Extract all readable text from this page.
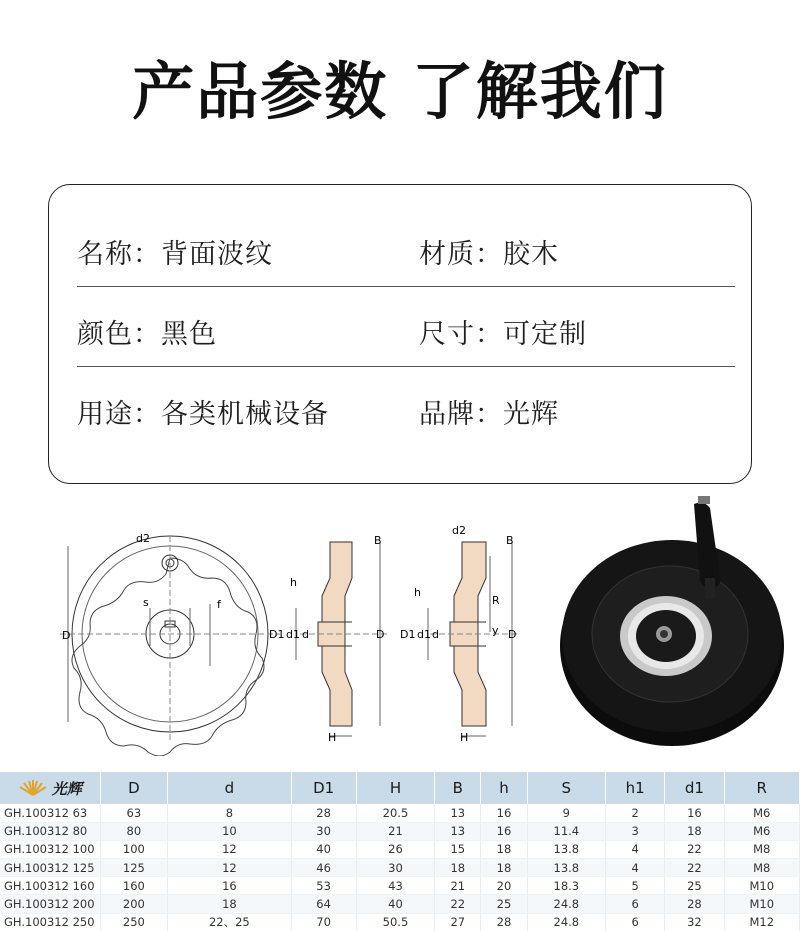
产品参数 了解我们
名称：背面波纹	材质：胶木
颜色：黑色	尺寸：可定制
用途：各类机械设备	品牌：光辉
d2
s	f
D
B
h
D1 d1 d	D
H
d2
B
h
R
y
D1 d1 d	D
H
光辉	D	d	D1	H	B	h	S	h1	d1	R
GH.100312 63	63	8	28	20.5	13	16	9	2	16	M6
GH.100312 80	80	10	30	21	13	16	11.4	3	18	M6
GH.100312 100	100	12	40	26	15	18	13.8	4	22	M8
GH.100312 125	125	12	46	30	18	18	13.8	4	22	M8
GH.100312 160	160	16	53	43	21	20	18.3	5	25	M10
GH.100312 200	200	18	64	40	22	25	24.8	6	28	M10
GH.100312 250	250	22、25	70	50.5	27	28	24.8	6	32	M12
